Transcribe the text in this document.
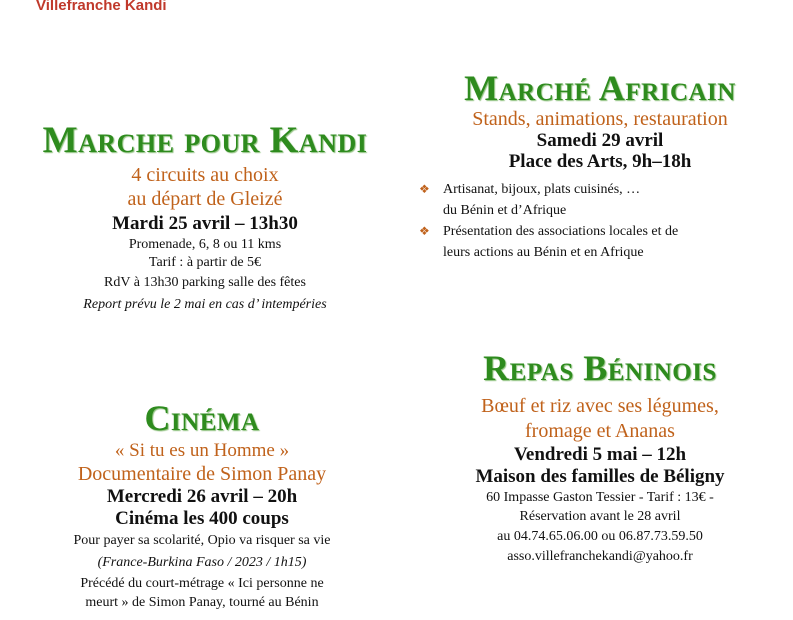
Villefranche Kandi
Marche pour Kandi
4 circuits au choix
au départ de Gleizé
Mardi 25 avril – 13h30
Promenade, 6, 8 ou 11 kms
Tarif : à partir de 5€
RdV à 13h30 parking salle des fêtes
Report prévu le 2 mai en cas d’ intempéries
Marché Africain
Stands, animations, restauration
Samedi 29 avril
Place des Arts, 9h–18h
❖ Artisanat, bijoux, plats cuisinés, …
du Bénin et d’Afrique
❖ Présentation des associations locales et de
leurs actions au Bénin et en Afrique
Cinéma
« Si tu es un Homme »
Documentaire de Simon Panay
Mercredi 26 avril – 20h
Cinéma les 400 coups
Pour payer sa scolarité, Opio va risquer sa vie
(France-Burkina Faso / 2023 / 1h15)
Précédé du court-métrage « Ici personne ne
meurt » de Simon Panay, tourné au Bénin
Repas Béninois
Bœuf et riz avec ses légumes,
fromage et Ananas
Vendredi 5 mai – 12h
Maison des familles de Béligny
60 Impasse Gaston Tessier - Tarif : 13€ -
Réservation avant le 28 avril
au 04.74.65.06.00 ou 06.87.73.59.50
asso.villefranchekandi@yahoo.fr
